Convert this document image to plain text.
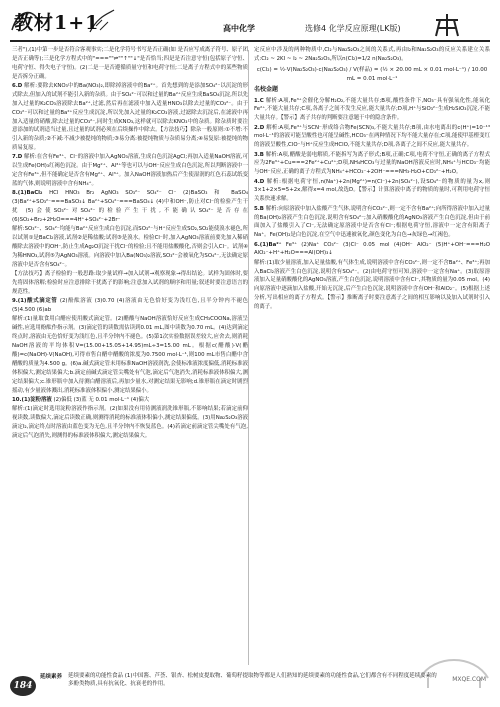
教材1+1	高中化学	选修4 化学反应原理(LK版)

三者"),(1)中第一步是否符合客观事实;二是化学符号书写是否正确(如 是否应写成离子符号、原子团是否正确等);三是化学方程式中的"===""⇌""↑""↓"是否恰当;四是是否注意守恒(包括原子守恒、电荷守恒、得失电子守恒)。(2)二是一是否遵循质量守恒和电荷守恒;二是离子方程式中的某些物质是否拆分正确。

6.D 解析:要除去KNO₃中的Ba(NO₃)₂,即除掉溶液中的Ba²⁺。首先想到的是添加SO₄²⁻以沉淀的形式除去,但加入的试剂不能引入新的杂质。由于SO₄²⁻可以和过量的Ba²⁺反应生成BaSO₄沉淀,所以先加入过量的K₂CO₃溶液除去Ba²⁺,过滤,然后再在滤液中加入适量HNO₃以除去过量的CO₃²⁻。由于CO₃²⁻可以和过量的Ba²⁺反应生成沉淀,所以先加入过量的K₂CO₃溶液,过滤除去沉淀后,在滤液中再加入适量的硝酸,除去过量的CO₃²⁻,同时生成KNO₃,这样就可以除去KNO₃中的杂质。除杂质时要注意添加的试剂适当过量,且过量的试剂必须在后续操作中除去。【方法技巧】除杂一般原则:①不增:不引入新的杂质;②不减:不减少被提纯的物质;③易分离:被提纯物质与杂质易分离;④易复原:被提纯的物质易复原。

7.D 解析:在含有Fe³⁺、Cl⁻的溶液中加入AgNO₃溶液,生成白色沉淀AgCl;再加入适量NaOH溶液,可以生成Fe(OH)₃红褐色沉淀。由于Mg²⁺、Al³⁺等也可以与OH⁻反应生成白色沉淀,所以判断溶液中一定含有Fe³⁺,但不能确定是否含有Mg²⁺、Al³⁺。加入NaOH溶液加热后产生使湿润的红色石蕊试纸变蓝的气体,则说明溶液中含有NH₄⁺。

8.(1)BaCl₂ HCl HNO₃ Br₂ AgNO₃ SO₃²⁻ SO₄²⁻ Cl⁻ (2)BaSO₃ 和 BaSO₄ (3)Ba²⁺+SO₃²⁻===BaSO₃↓ Ba²⁺+SO₄²⁻===BaSO₄↓ (4)中和OH⁻,防止对Cl⁻的检验产生干扰 (5)会使SO₃²⁻对SO₄²⁻的检验产生干扰,不能确认SO₄²⁻是否存在 (6)SO₂+Br₂+2H₂O===4H⁺+SO₄²⁻+2Br⁻

解析:SO₃²⁻、SO₄²⁻均能与Ba²⁺反应生成白色沉淀,而SO₃²⁻与H⁺反应生成SO₂,SO₂能使溴水褪色,所以试剂①是BaCl₂溶液,试剂②是稀盐酸;试剂③是溴水。检验Cl⁻时,加入AgNO₃溶液前要先加入稀硝酸除去溶液中的OH⁻,防止生成Ag₂O沉淀干扰Cl⁻的检验;且不能用盐酸酸化,否则会引入Cl⁻。试剂④为稀HNO₃,试剂⑤为AgNO₃溶液。向溶液中加入Ba(NO₃)₂溶液,SO₃²⁻会被氧化为SO₄²⁻,无法确定原溶液中是否含有SO₄²⁻。

【方法技巧】离子检验的一般思路:取少量试样→加入试剂→观察现象→得出结论。试样为固体时,要先将固体溶解;检验时应注意排除干扰离子的影响;注意加入试剂的顺序和用量;叙述时要注意语言的规范性。

9.(1)酸式滴定管 (2)酚酞溶液 (3)0.70 (4)溶液由无色恰好变为浅红色,且半分钟内不褪色 (5)4.500 (6)ab

解析:(1)量取食用白醋应使用酸式滴定管。(2)醋酸与NaOH溶液恰好反应生成CH₃COONa,溶液呈碱性,应选用酚酞作指示剂。(3)滴定管的读数需估读到0.01 mL,图中读数为0.70 mL。(4)达到滴定终点时,溶液由无色恰好变为浅红色,且半分钟内不褪色。(5)第1次实验数据误差较大,应舍去,则消耗NaOH溶液的平均体积V=(15.00+15.05+14.95)mL÷3=15.00 mL。根据c(醋酸)·V(醋酸)=c(NaOH)·V(NaOH),可得市售白醋中醋酸的浓度为0.7500 mol·L⁻¹,则100 mL市售白醋中含醋酸的质量为4.500 g。(6)a.碱式滴定管未用标准NaOH溶液润洗,会使标准液浓度偏低,消耗标准液体积偏大,测定结果偏大;b.滴定前碱式滴定管尖嘴处有气泡,滴定后气泡消失,消耗标准液体积偏大,测定结果偏大;c.锥形瓶中加入待测白醋溶液后,再加少量水,对测定结果无影响;d.锥形瓶在滴定时剧烈摇动,有少量液体溅出,消耗标准液体积偏小,测定结果偏小。

10.(1)淀粉溶液 (2)偏低 (3)蓝 无 0.01 mol·L⁻¹ (4)偏大

解析:(1)滴定时选用淀粉溶液作指示剂。(2)如果没有用待测液润洗锥形瓶,不影响结果;若滴定前仰视读数,读数偏大,滴定后读数正确,则测得消耗的标准液体积偏小,测定结果偏低。(3)用Na₂S₂O₃溶液滴定I₂,滴定终点时溶液由蓝色变为无色,且半分钟内不恢复蓝色。(4)若滴定前滴定管尖嘴处有气泡,滴定后气泡消失,则测得的标准液体积偏大,测定结果偏大。

定反应中涉及的两种物质中,Cl₂与Na₂S₂O₃之间的关系式,再由I₂和Na₂S₂O₃的反应关系建立关系式:Cl₂ ~ 2KI ~ I₂ ~ 2Na₂S₂O₃,所以n(Cl₂)=1/2 n(Na₂S₂O₃)。

c(Cl₂) = ½·V(Na₂S₂O₃)·c(Na₂S₂O₃) / V(样品) = (½ × 20.00 mL × 0.01 mol·L⁻¹) / 10.00 mL = 0.01 mol·L⁻¹
名校金题

1.C 解析:A项,Fe³⁺会催化分解H₂O₂,不能大量共存;B项,酸性条件下,NO₃⁻具有强氧化性,能氧化Fe²⁺,不能大量共存;C项,各离子之间不发生反应,能大量共存;D项,H⁺与SiO₃²⁻生成H₂SiO₃沉淀,不能大量共存。【警示】离子共存的判断要注意题干中的隐含条件。

2.D 解析:A项,Fe³⁺与SCN⁻形成络合物Fe(SCN)₃,不能大量共存;B项,由水电离出的c(H⁺)=10⁻¹³ mol·L⁻¹的溶液可能呈酸性也可能呈碱性,HCO₃⁻在两种情况下均不能大量存在;C项,能使甲基橙变红的溶液呈酸性,ClO⁻与H⁺反应生成HClO,不能大量共存;D项,各离子之间不反应,能大量共存。

3.B 解析:A项,醋酸是弱电解质,不能拆写为离子形式;B项,正确;C项,电荷不守恒,正确的离子方程式应为2Fe³⁺+Cu===2Fe²⁺+Cu²⁺;D项,NH₄HCO₃与过量的NaOH溶液反应时,NH₄⁺与HCO₃⁻均能与OH⁻反应,正确的离子方程式为NH₄⁺+HCO₃⁻+2OH⁻===NH₃·H₂O+CO₃²⁻+H₂O。

4.D 解析:根据电荷守恒,n(Na⁺)+2n(Mg²⁺)=n(Cl⁻)+2n(SO₄²⁻),设SO₄²⁻的物质的量为x,则3×1+2×5=5+2x,解得x=4 mol,故选D。【警示】计算溶液中离子的物质的量时,可利用电荷守恒关系快速求解。

5.B 解析:向原溶液中加入盐酸产生气体,说明含有CO₃²⁻,则一定不含有Ba²⁺;向所得溶液中加入过量的Ba(OH)₂溶液产生白色沉淀,说明含有SO₄²⁻;加入硝酸酸化的AgNO₃溶液产生白色沉淀,但由于前面加入了盐酸引入了Cl⁻,无法确定原溶液中是否含有Cl⁻;根据电荷守恒,溶液中一定含有阳离子Na⁺。Fe(OH)₂是白色沉淀,在空气中迅速被氧化,颜色变化为白色→灰绿色→红褐色。

6.(1)Ba²⁺ Fe³⁺ (2)Na⁺ CO₃²⁻ (3)Cl⁻ 0.05 mol (4)OH⁻ AlO₂⁻ (5)H⁺+OH⁻===H₂O AlO₂⁻+H⁺+H₂O===Al(OH)₃↓

解析:(1)取少量溶液,加入足量盐酸,有气体生成,说明溶液中含有CO₃²⁻,则一定不含Ba²⁺、Fe³⁺;再加入BaCl₂溶液产生白色沉淀,说明含有SO₄²⁻。(2)由电荷守恒可知,溶液中一定含有Na⁺。(3)取原溶液加入足量硝酸酸化的AgNO₃溶液,产生白色沉淀,说明溶液中含有Cl⁻,其物质的量为0.05 mol。(4)向原溶液中逐滴加入盐酸,开始无沉淀,后产生白色沉淀,说明溶液中含有OH⁻和AlO₂⁻。(5)根据上述分析,写出相应的离子方程式。【警示】推断离子时要注意离子之间的相互影响以及加入试剂时引入的离子。

184
延续素养	延续要素的功能性食品 (1)中国酱、芦荟、银杏、松树皮提取物、葡萄籽提取物等都是人们熟知的延续要素的功能性食品,它们都含有不同程度延续要素的多酚类物质,具有抗氧化、抗衰老的作用。
MXQE.COM
